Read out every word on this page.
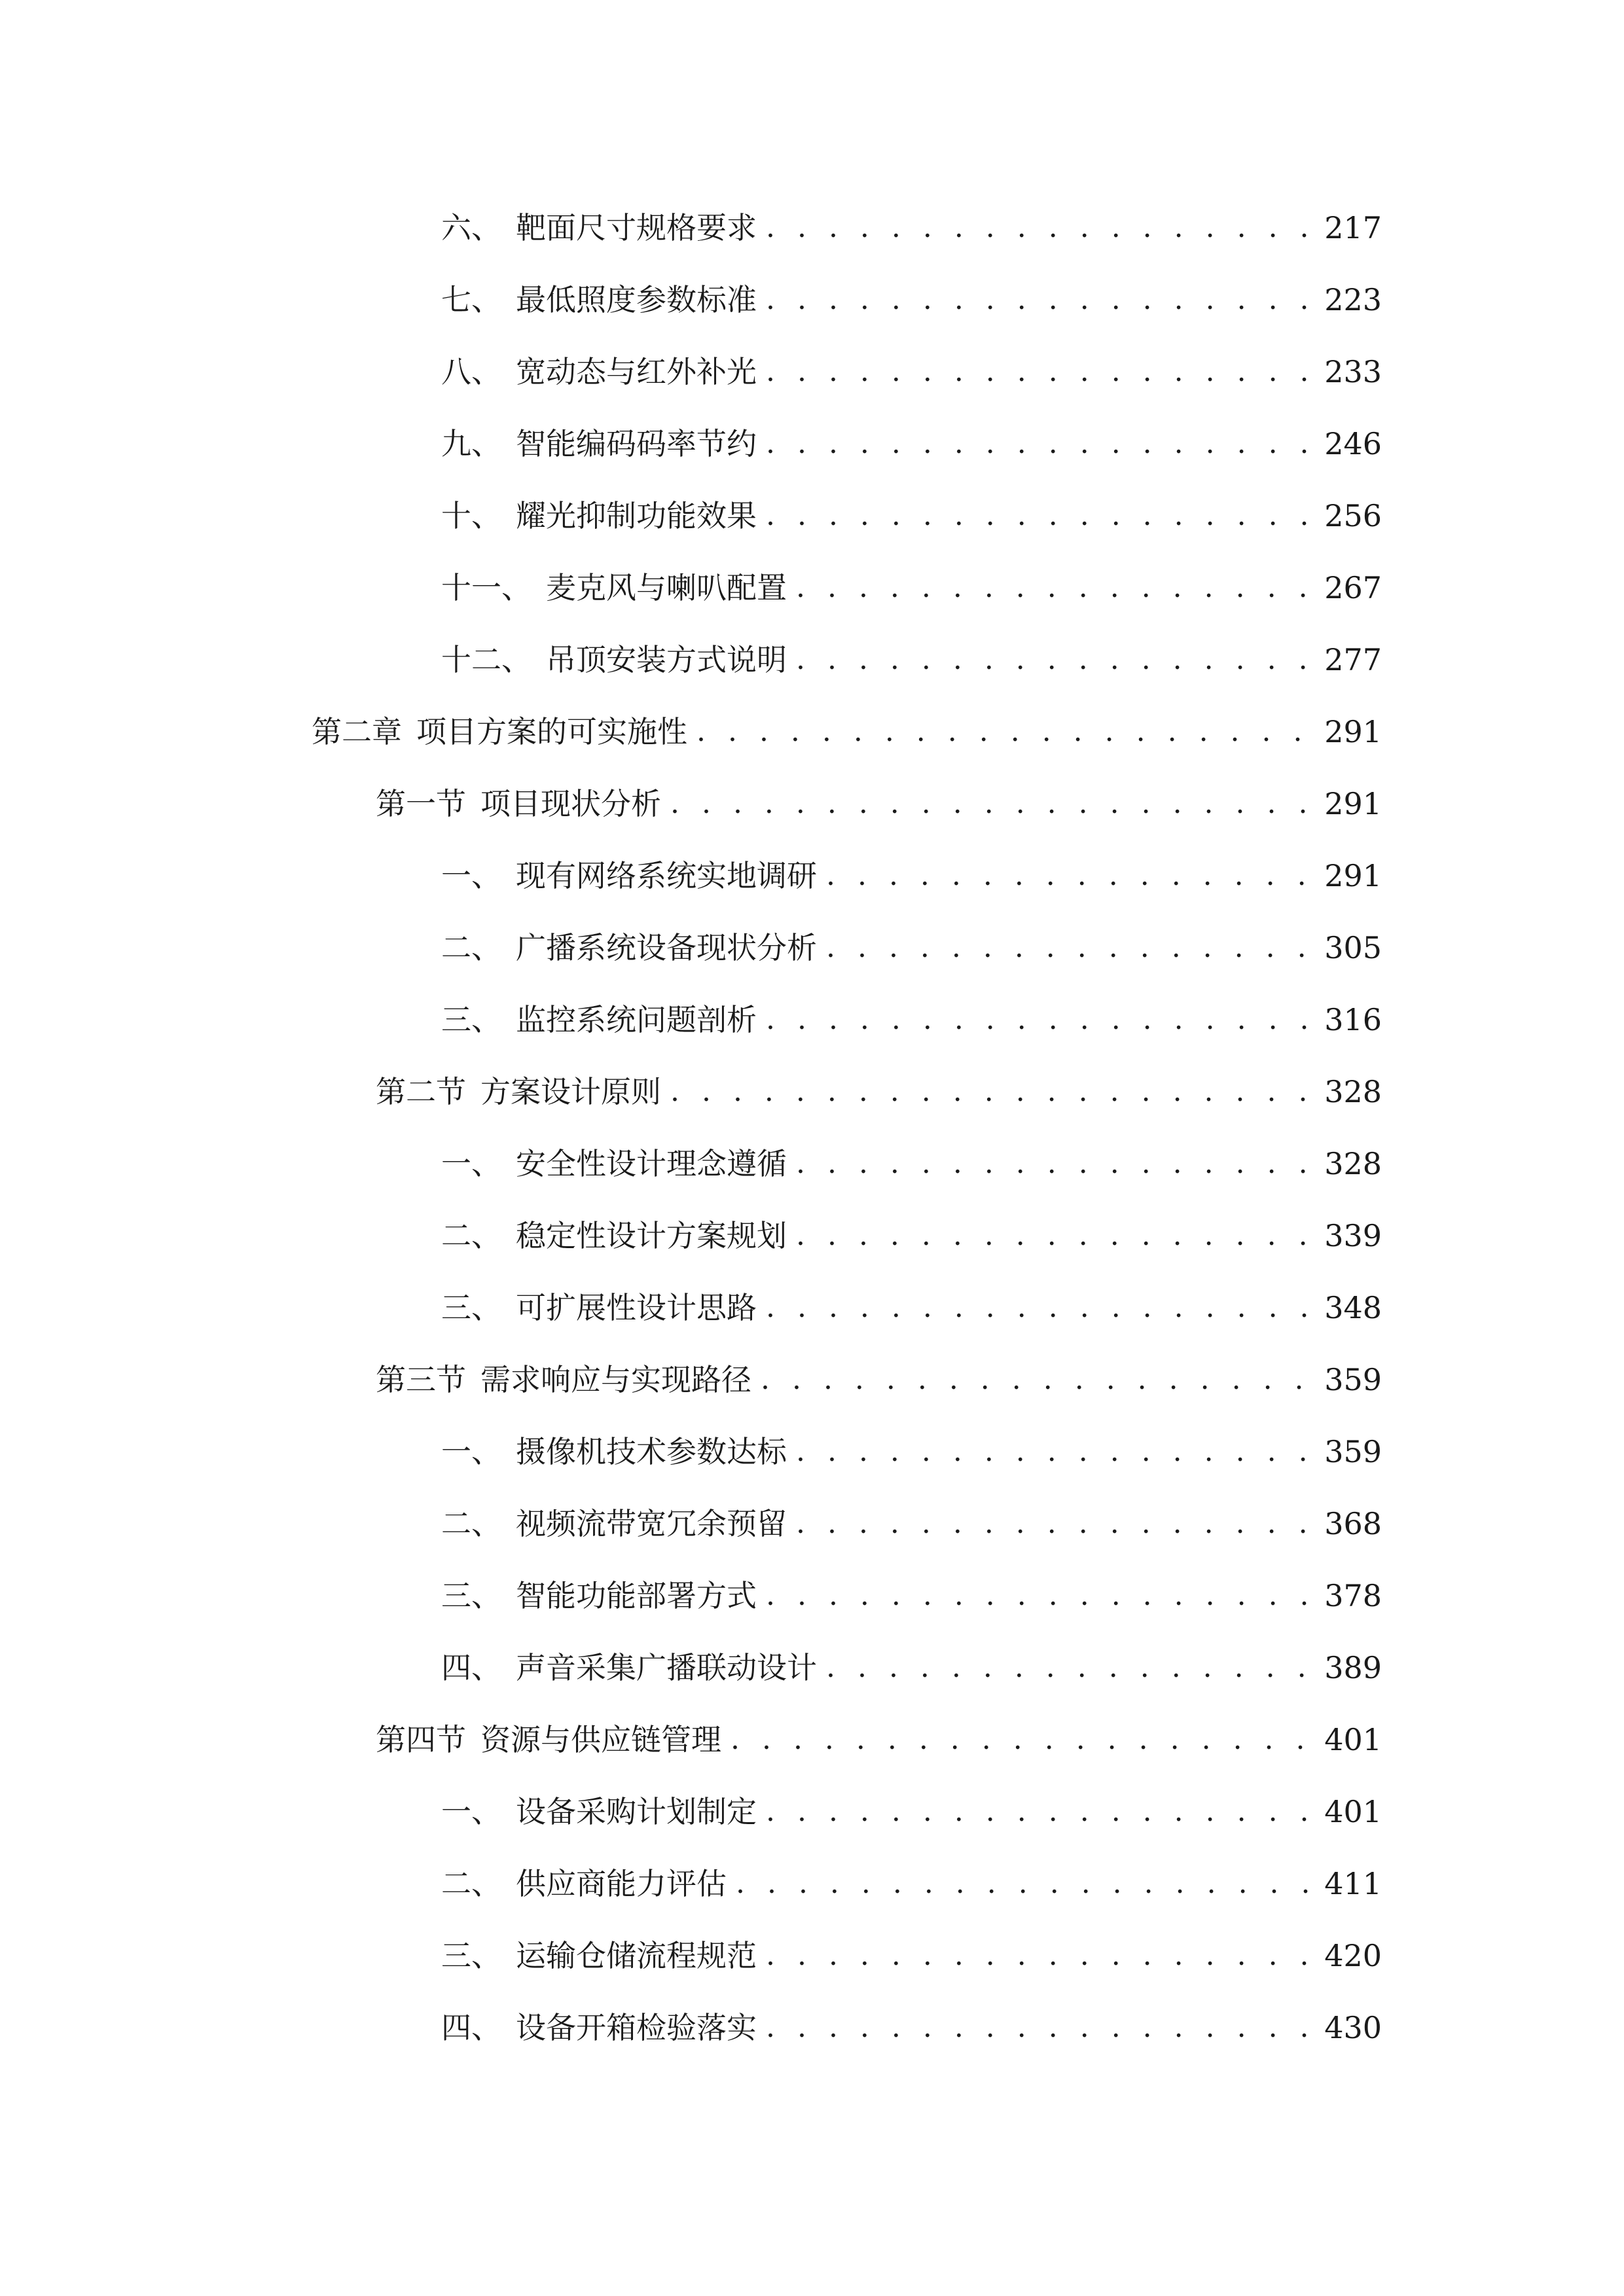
六、 靶面尺寸规格要求 . . .	217
七、 最低照度参数标准 . . .	223
八、 宽动态与红外补光 . . .	233
九、 智能编码码率节约 . . .	246
十、 耀光抑制功能效果 . . .	256
十一、 麦克风与喇叭配置 . . .	267
十二、 吊顶安装方式说明 . . .	277
第二章 项目方案的可实施性 . . .	291
第一节 项目现状分析 . . .	291
一、 现有网络系统实地调研 . . .	291
二、 广播系统设备现状分析 . . .	305
三、 监控系统问题剖析 . . .	316
第二节 方案设计原则 . . .	328
一、 安全性设计理念遵循 . . .	328
二、 稳定性设计方案规划 . . .	339
三、 可扩展性设计思路 . . .	348
第三节 需求响应与实现路径 . . .	359
一、 摄像机技术参数达标 . . .	359
二、 视频流带宽冗余预留 . . .	368
三、 智能功能部署方式 . . .	378
四、 声音采集广播联动设计 . . .	389
第四节 资源与供应链管理 . . .	401
一、 设备采购计划制定 . . .	401
二、 供应商能力评估 . . .	411
三、 运输仓储流程规范 . . .	420
四、 设备开箱检验落实 . . .	430
